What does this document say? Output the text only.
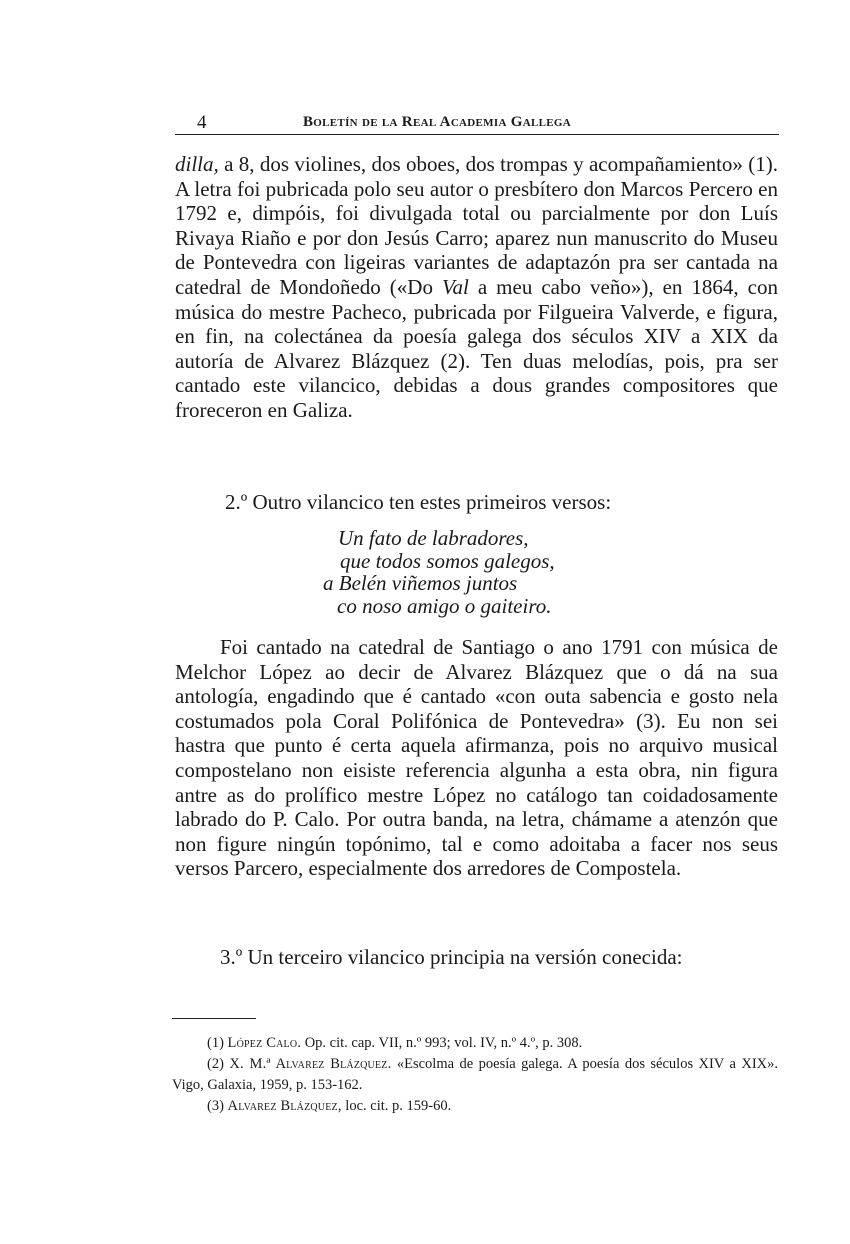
4	Boletín de la Real Academia Gallega

dilla, a 8, dos violines, dos oboes, dos trompas y acompañamiento» (1). A letra foi pubricada polo seu autor o presbítero don Marcos Percero en 1792 e, dimpóis, foi divulgada total ou parcialmente por don Luís Rivaya Riaño e por don Jesús Carro; aparez nun manuscrito do Museu de Pontevedra con ligeiras variantes de adaptazón pra ser cantada na catedral de Mondoñedo («Do Val a meu cabo veño»), en 1864, con música do mestre Pacheco, pubricada por Filgueira Valverde, e figura, en fin, na colectánea da poesía galega dos séculos XIV a XIX da autoría de Alvarez Blázquez (2). Ten duas melodías, pois, pra ser cantado este vilancico, debidas a dous grandes compositores que froreceron en Galiza.

2.º Outro vilancico ten estes primeiros versos:
Un fato de labradores,
que todos somos galegos,
a Belén viñemos juntos
co noso amigo o gaiteiro.

Foi cantado na catedral de Santiago o ano 1791 con música de Melchor López ao decir de Alvarez Blázquez que o dá na sua antología, engadindo que é cantado «con outa sabencia e gosto nela costumados pola Coral Polifónica de Pontevedra» (3). Eu non sei hastra que punto é certa aquela afirmanza, pois no arquivo musical compostelano non eisiste referencia algunha a esta obra, nin figura antre as do prolífico mestre López no catálogo tan coidadosamente labrado do P. Calo. Por outra banda, na letra, chámame a atenzón que non figure ningún topónimo, tal e como adoitaba a facer nos seus versos Parcero, especialmente dos arredores de Compostela.

3.º Un terceiro vilancico principia na versión conecida:

(1) López Calo. Op. cit. cap. VII, n.º 993; vol. IV, n.º 4.º, p. 308.
(2) X. M.ª Alvarez Blázquez. «Escolma de poesía galega. A poesía dos séculos XIV a XIX». Vigo, Galaxia, 1959, p. 153-162.
(3) Alvarez Blázquez, loc. cit. p. 159-60.
